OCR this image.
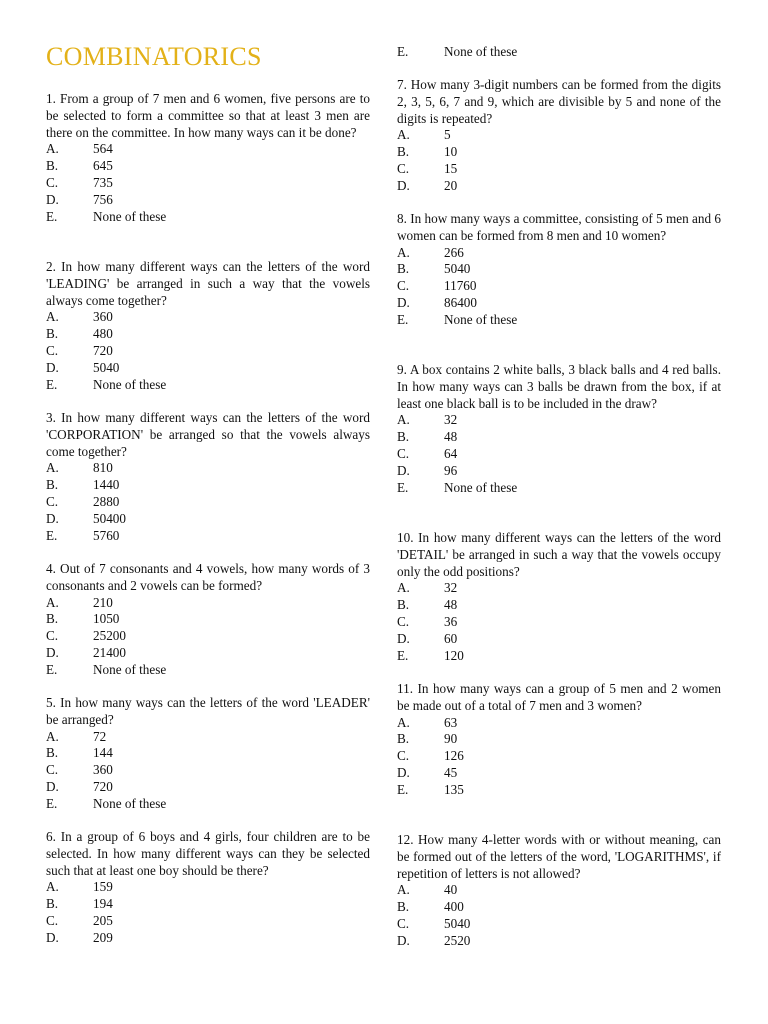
COMBINATORICS
1. From a group of 7 men and 6 women, five persons are to be selected to form a committee so that at least 3 men are there on the committee. In how many ways can it be done?
A.	564
B.	645
C.	735
D.	756
E.	None of these
2. In how many different ways can the letters of the word 'LEADING' be arranged in such a way that the vowels always come together?
A.	360
B.	480
C.	720
D.	5040
E.	None of these
3. In how many different ways can the letters of the word 'CORPORATION' be arranged so that the vowels always come together?
A.	810
B.	1440
C.	2880
D.	50400
E.	5760
4. Out of 7 consonants and 4 vowels, how many words of 3 consonants and 2 vowels can be formed?
A.	210
B.	1050
C.	25200
D.	21400
E.	None of these
5. In how many ways can the letters of the word 'LEADER' be arranged?
A.	72
B.	144
C.	360
D.	720
E.	None of these
6. In a group of 6 boys and 4 girls, four children are to be selected. In how many different ways can they be selected such that at least one boy should be there?
A.	159
B.	194
C.	205
D.	209
E.	None of these
7. How many 3-digit numbers can be formed from the digits 2, 3, 5, 6, 7 and 9, which are divisible by 5 and none of the digits is repeated?
A.	5
B.	10
C.	15
D.	20
8. In how many ways a committee, consisting of 5 men and 6 women can be formed from 8 men and 10 women?
A.	266
B.	5040
C.	11760
D.	86400
E.	None of these
9. A box contains 2 white balls, 3 black balls and 4 red balls. In how many ways can 3 balls be drawn from the box, if at least one black ball is to be included in the draw?
A.	32
B.	48
C.	64
D.	96
E.	None of these
10. In how many different ways can the letters of the word 'DETAIL' be arranged in such a way that the vowels occupy only the odd positions?
A.	32
B.	48
C.	36
D.	60
E.	120
11. In how many ways can a group of 5 men and 2 women be made out of a total of 7 men and 3 women?
A.	63
B.	90
C.	126
D.	45
E.	135
12. How many 4-letter words with or without meaning, can be formed out of the letters of the word, 'LOGARITHMS', if repetition of letters is not allowed?
A.	40
B.	400
C.	5040
D.	2520
